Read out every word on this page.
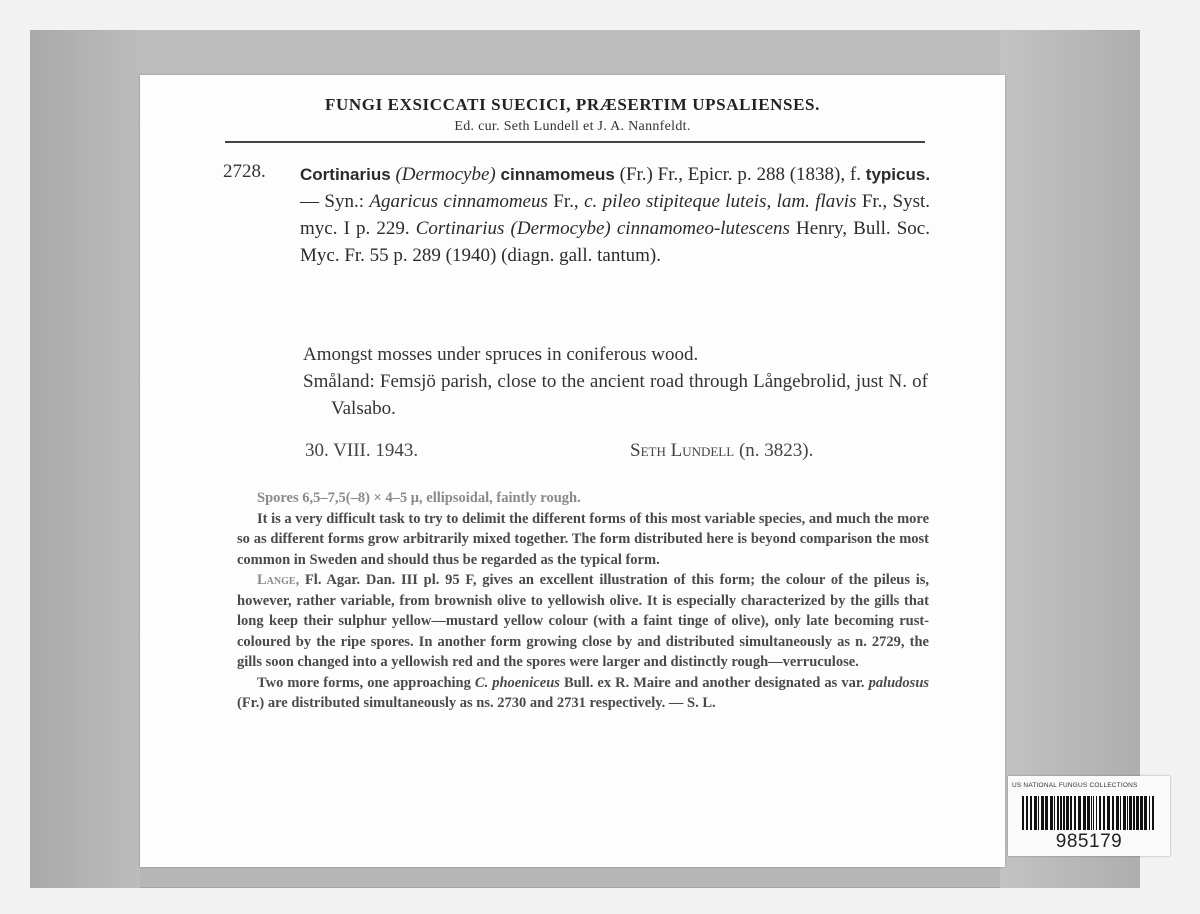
FUNGI EXSICCATI SUECICI, PRÆSERTIM UPSALIENSES.
Ed. cur. Seth Lundell et J. A. Nannfeldt.
2728. Cortinarius (Dermocybe) cinnamomeus (Fr.) Fr., Epicr. p. 288 (1838), f. typicus. — Syn.: Agaricus cinnamomeus Fr., c. pileo stipiteque luteis, lam. flavis Fr., Syst. myc. I p. 229. Cortinarius (Dermocybe) cinnamomeo-lutescens Henry, Bull. Soc. Myc. Fr. 55 p. 289 (1940) (diagn. gall. tantum).
Amongst mosses under spruces in coniferous wood.
Småland: Femsjö parish, close to the ancient road through Långebrolid, just N. of Valsabo.
30. VIII. 1943.	Seth Lundell (n. 3823).

Spores 6,5–7,5(–8) × 4–5 μ, ellipsoidal, faintly rough.

It is a very difficult task to try to delimit the different forms of this most variable species, and much the more so as different forms grow arbitrarily mixed together. The form distributed here is beyond comparison the most common in Sweden and should thus be regarded as the typical form.

Lange, Fl. Agar. Dan. III pl. 95 F, gives an excellent illustration of this form; the colour of the pileus is, however, rather variable, from brownish olive to yellowish olive. It is especially characterized by the gills that long keep their sulphur yellow—mustard yellow colour (with a faint tinge of olive), only late becoming rust-coloured by the ripe spores. In another form growing close by and distributed simultaneously as n. 2729, the gills soon changed into a yellowish red and the spores were larger and distinctly rough—verruculose.

Two more forms, one approaching C. phoeniceus Bull. ex R. Maire and another designated as var. paludosus (Fr.) are distributed simultaneously as ns. 2730 and 2731 respectively. — S. L.

US NATIONAL FUNGUS COLLECTIONS
985179
